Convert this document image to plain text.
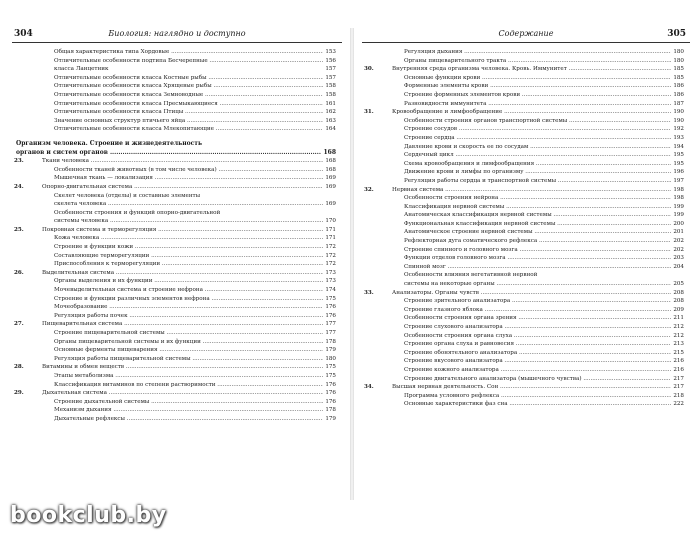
304	Биология: наглядно и доступно
Общая характеристика типа Хордовые .....	153
Отличительные особенности подтипа Бесчерепные .....	156
класса Ланцетник	157
Отличительные особенности класса Костные рыбы .....	157
Отличительные особенности класса Хрящевые рыбы .....	158
Отличительные особенности класса Земноводные .....	158
Отличительные особенности класса Пресмыкающиеся .....	161
Отличительные особенности класса Птицы .....	162
Значение основных структур птичьего яйца .....	163
Отличительные особенности класса Млекопитающие .....	164
Организм человека. Строение и жизнедеятельность
органов и систем органов .....	168
23.	Ткани человека .....	168
Особенности тканей животных (в том числе человека) .....	168
Мышечная ткань — локализация .....	169
24.	Опорно-двигательная система .....	169
Скелет человека (отделы) и составные элементы
скелета человека .....	169
Особенности строения и функций опорно-двигательной
системы человека .....	170
25.	Покровная система и терморегуляция .....	171
Кожа человека .....	171
Строение и функции кожи .....	172
Составляющие терморегуляции .....	172
Приспособления к терморегуляции .....	172
26.	Выделительная система .....	173
Органы выделения и их функции .....	173
Мочевыделительная система и строение нефрона .....	174
Строение и функции различных элементов нефрона .....	175
Мочеобразование .....	176
Регуляция работы почек .....	176
27.	Пищеварительная система .....	177
Строение пищеварительной системы .....	177
Органы пищеварительной системы и их функции .....	178
Основные ферменты пищеварения .....	179
Регуляция работы пищеварительной системы .....	180
28.	Витамины и обмен веществ .....	175
Этапы метаболизма .....	175
Классификация витаминов по степени растворимости .....	176
29.	Дыхательная система .....	176
Строение дыхательной системы .....	176
Механизм дыхания .....	178
Дыхательные рефлексы .....	179
Содержание	305
Регуляция дыхания .....	180
Органы пищеварительного тракта .....	180
30.	Внутренняя среда организма человека. Кровь. Иммунитет .....	185
Основные функции крови .....	185
Форменные элементы крови .....	186
Строение форменных элементов крови .....	186
Разновидности иммунитета .....	187
31.	Кровообращение и лимфообращение .....	190
Особенности строения органов транспортной системы .....	190
Строение сосудов .....	192
Строение сердца .....	193
Давление крови и скорость ее по сосудам .....	194
Сердечный цикл .....	195
Схема кровообращения и лимфообращения .....	195
Движение крови и лимфы по организму .....	196
Регуляция работы сердца и транспортной системы .....	197
32.	Нервная система .....	198
Особенности строения нейрона .....	198
Классификация нервной системы .....	199
Анатомическая классификация нервной системы .....	199
Функциональная классификация нервной системы .....	200
Анатомическое строение нервной системы .....	201
Рефлекторная дуга соматического рефлекса .....	202
Строение спинного и головного мозга .....	202
Функции отделов головного мозга .....	203
Спинной мозг .....	204
Особенности влияния вегетативной нервной
системы на некоторые органы .....	205
33.	Анализаторы. Органы чувств .....	208
Строение зрительного анализатора .....	208
Строение глазного яблока .....	209
Особенности строения органа зрения .....	211
Строение слухового анализатора .....	212
Особенности строения органа слуха .....	212
Строение органа слуха и равновесия .....	213
Строение обонятельного анализатора .....	215
Строение вкусового анализатора .....	216
Строение кожного анализатора .....	216
Строение двигательного анализатора (мышечного чувства) .....	217
34.	Высшая нервная деятельность. Сон .....	217
Программа условного рефлекса .....	218
Основные характеристики фаз сна .....	222
bookclub.by
